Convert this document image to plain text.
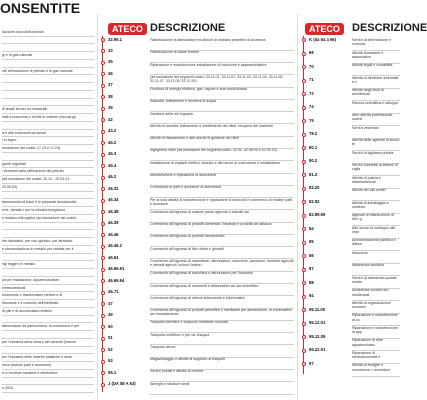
ONSENTITE
duzione di prodotti animali
gi e di gas naturale
otti all'estrazione di petrolio e di gas naturale
di tessili tecnici ed industriali
idali a macchina e di tutti le materie (esclusi gli
a e altri indumenti da lavoro
i in legno
esclusione dei codici: 17.23 e 17.24)
pporti registrati
i derivanti dalla raffinazione del petrolio
(ad esclusione dei codici: 20.12 - 20.51.01
20.59.60)
farmaceutici di base e di preparati farmaceutici
iche, dentali e per la chimica inorganica
e medico-chirurgiche (ad esclusione dei codici:
her laboratori, per uso igienico, per farmacia
e strumentazione in metallo per caldaie per il
rtgi leggeri in metallo
ali per irradiazione, apparecchiature
elettromedicali
ionamento e trasformatori elettrici e di
ribuzione e il controllo dell'elettricità
di pile e di accumulatori elettrici
attrezzature da parrucchiere, la confezione e per
per l'industria della carta e del cartone (incluse
per l'industria delle materie plastiche e della
mica (incluse parti e accessori)
ci e forniture mediche e dentistiche
o 2020
ATECO DESCRIZIONE
32.99.1
33
35
36
37
38
39
42
43.2
45.2
45.3
45.4
46.2
46.31
46.34
46.38
46.39
46.46
46.49.2
46.61
46.69.91
46.69.94
46.71
47
49
50
51
52
53
55.1
J (DA 58 A 63)
Fabbricazione di attrezzature ed articoli di vestiario protettivi di sicurezza
Fabbricazione di casse funebri
Riparazione e manutenzione installazione di macchine e apparecchiature
(ad esclusione dei seguenti codici: 33.11.01, 33.11.02, 33.11.03, 33.11.04, 33.11.05, 33.11.07, 33.11.09, 33.12.92)
Fornitura di energia elettrica, gas, vapore e aria condizionata
Raccolta, trattamento e fornitura di acqua
Gestione delle reti fognarie
Attività di raccolta, trattamento e smaltimento dei rifiuti; recupero dei materiali
Attività di risanamento e altri servizi di gestione dei rifiuti
Ingegneria civile (ad esclusione dei seguenti codici: 42.91, 42.99.09 e 42.99.10)
Installazione di impianti elettrici, idraulici e altri lavori di costruzione e installazione
Manutenzione e riparazione di autoveicoli
Commercio di parti e accessori di autoveicoli
Per la sola attività di manutenzione e riparazione di motocicli e commercio di relative parti e accessori
Commercio all'ingrosso di materie prime agricole e animali vivi
Commercio all'ingrosso di prodotti alimentari, bevande e prodotti del tabacco
Commercio all'ingrosso di prodotti farmaceutici
Commercio all'ingrosso di libri riviste e giornali
Commercio all'ingrosso di macchinari, attrezzature, macchine, accessori, forniture agricole e utensili agricoli, inclusi i trattori
Commercio all'ingrosso di macchine e attrezzature per l'industria
Commercio all'ingrosso di strumenti e attrezzature ad uso scientifico
Commercio all'ingrosso di articoli antincendio e infortunistici
Commercio all'ingrosso di prodotti petroliferi e lubrificanti per autotrazione, di combustibili per riscaldamento
Trasporto terrestre e trasporto mediante condotte
Trasporto marittimo e per vie d'acqua
Trasporto aereo
Magazzinaggio e attività di supporto ai trasporti
Servizi postali e attività di corriere
Alberghi e strutture simili
ATECO	DESCRIZIONE
K (da 64 a 66)
69
70
71
72
74
75
78.2
80.1
80.2
81.2
82.20
82.92
82.99.99
84
85
86
87
88
94
95.11.00
95.12.01
95.12.09
95.22.01
97
Servizi di informazione e comunic
Attività finanziarie e assicurative
Attività legali e contabilità
Attività di direzione aziendale e c
Attività degli studi di architettura
Ricerca scientifica e sviluppo
Altre attività professionali, scienti
Servizi veterinari
Attività delle agenzie di lavoro te
Servizi di vigilanza privata
Servizi connessi ai sistemi di vigila
Attività di pulizia e disinfestazione
Attività dei call center
Attività di imballaggio e confezio
Agenzie di distribuzione di libri, g
Altri servizi di sostegno alle impr
Amministrazione pubblica e difesa
Istruzione
Assistenza sanitaria
Servizi di assistenza sociale reside
Assistenza sociale non residenzial
Attività di organizzazioni economi
Riparazione e manutenzione di co
Riparazione e manutenzione di app
Riparazione di altre apparecchiatu
Riparazione di elettrodomestici e
Attività di famiglie e convivenze c domestico
